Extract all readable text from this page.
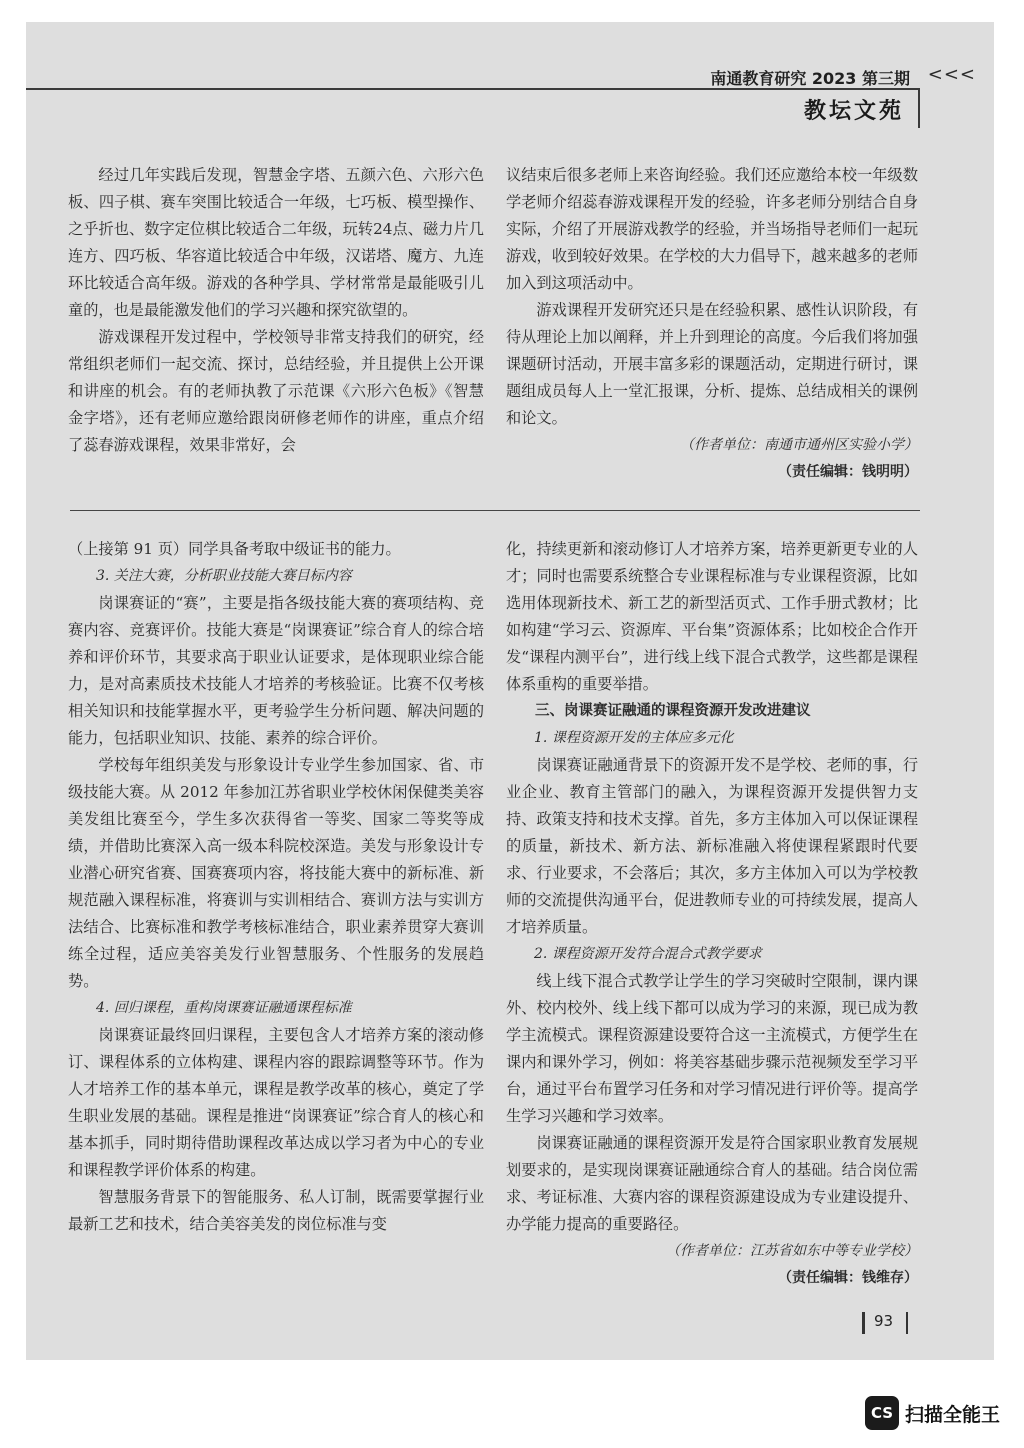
南通教育研究 2023 第三期 <<<
教坛文苑

经过几年实践后发现，智慧金字塔、五颜六色、六形六色板、四子棋、赛车突围比较适合一年级，七巧板、模型操作、之乎折也、数字定位棋比较适合二年级，玩转24点、磁力片几连方、四巧板、华容道比较适合中年级，汉诺塔、魔方、九连环比较适合高年级。游戏的各种学具、学材常常是最能吸引儿童的，也是最能激发他们的学习兴趣和探究欲望的。

游戏课程开发过程中，学校领导非常支持我们的研究，经常组织老师们一起交流、探讨，总结经验，并且提供上公开课和讲座的机会。有的老师执教了示范课《六形六色板》《智慧金字塔》，还有老师应邀给跟岗研修老师作的讲座，重点介绍了蕊春游戏课程，效果非常好，会

议结束后很多老师上来咨询经验。我们还应邀给本校一年级数学老师介绍蕊春游戏课程开发的经验，许多老师分别结合自身实际，介绍了开展游戏教学的经验，并当场指导老师们一起玩游戏，收到较好效果。在学校的大力倡导下，越来越多的老师加入到这项活动中。

游戏课程开发研究还只是在经验积累、感性认识阶段，有待从理论上加以阐释，并上升到理论的高度。今后我们将加强课题研讨活动，开展丰富多彩的课题活动，定期进行研讨，课题组成员每人上一堂汇报课，分析、提炼、总结成相关的课例和论文。

（作者单位：南通市通州区实验小学）

（责任编辑：钱明明）

（上接第 91 页）同学具备考取中级证书的能力。

3. 关注大赛，分析职业技能大赛目标内容

岗课赛证的“赛”，主要是指各级技能大赛的赛项结构、竞赛内容、竞赛评价。技能大赛是“岗课赛证”综合育人的综合培养和评价环节，其要求高于职业认证要求，是体现职业综合能力，是对高素质技术技能人才培养的考核验证。比赛不仅考核相关知识和技能掌握水平，更考验学生分析问题、解决问题的能力，包括职业知识、技能、素养的综合评价。

学校每年组织美发与形象设计专业学生参加国家、省、市级技能大赛。从 2012 年参加江苏省职业学校休闲保健类美容美发组比赛至今，学生多次获得省一等奖、国家二等奖等成绩，并借助比赛深入高一级本科院校深造。美发与形象设计专业潜心研究省赛、国赛赛项内容，将技能大赛中的新标准、新规范融入课程标准，将赛训与实训相结合、赛训方法与实训方法结合、比赛标准和教学考核标准结合，职业素养贯穿大赛训练全过程，适应美容美发行业智慧服务、个性服务的发展趋势。

4. 回归课程，重构岗课赛证融通课程标准

岗课赛证最终回归课程，主要包含人才培养方案的滚动修订、课程体系的立体构建、课程内容的跟踪调整等环节。作为人才培养工作的基本单元，课程是教学改革的核心，奠定了学生职业发展的基础。课程是推进“岗课赛证”综合育人的核心和基本抓手，同时期待借助课程改革达成以学习者为中心的专业和课程教学评价体系的构建。

智慧服务背景下的智能服务、私人订制，既需要掌握行业最新工艺和技术，结合美容美发的岗位标准与变

化，持续更新和滚动修订人才培养方案，培养更新更专业的人才；同时也需要系统整合专业课程标准与专业课程资源，比如选用体现新技术、新工艺的新型活页式、工作手册式教材；比如构建“学习云、资源库、平台集”资源体系；比如校企合作开发“课程内测平台”，进行线上线下混合式教学，这些都是课程体系重构的重要举措。

三、岗课赛证融通的课程资源开发改进建议

1. 课程资源开发的主体应多元化

岗课赛证融通背景下的资源开发不是学校、老师的事，行业企业、教育主管部门的融入，为课程资源开发提供智力支持、政策支持和技术支撑。首先，多方主体加入可以保证课程的质量，新技术、新方法、新标准融入将使课程紧跟时代要求、行业要求，不会落后；其次，多方主体加入可以为学校教师的交流提供沟通平台，促进教师专业的可持续发展，提高人才培养质量。

2. 课程资源开发符合混合式教学要求

线上线下混合式教学让学生的学习突破时空限制，课内课外、校内校外、线上线下都可以成为学习的来源，现已成为教学主流模式。课程资源建设要符合这一主流模式，方便学生在课内和课外学习，例如：将美容基础步骤示范视频发至学习平台，通过平台布置学习任务和对学习情况进行评价等。提高学生学习兴趣和学习效率。

岗课赛证融通的课程资源开发是符合国家职业教育发展规划要求的，是实现岗课赛证融通综合育人的基础。结合岗位需求、考证标准、大赛内容的课程资源建设成为专业建设提升、办学能力提高的重要路径。

（作者单位：江苏省如东中等专业学校）

（责任编辑：钱维存）

93
CS 扫描全能王
